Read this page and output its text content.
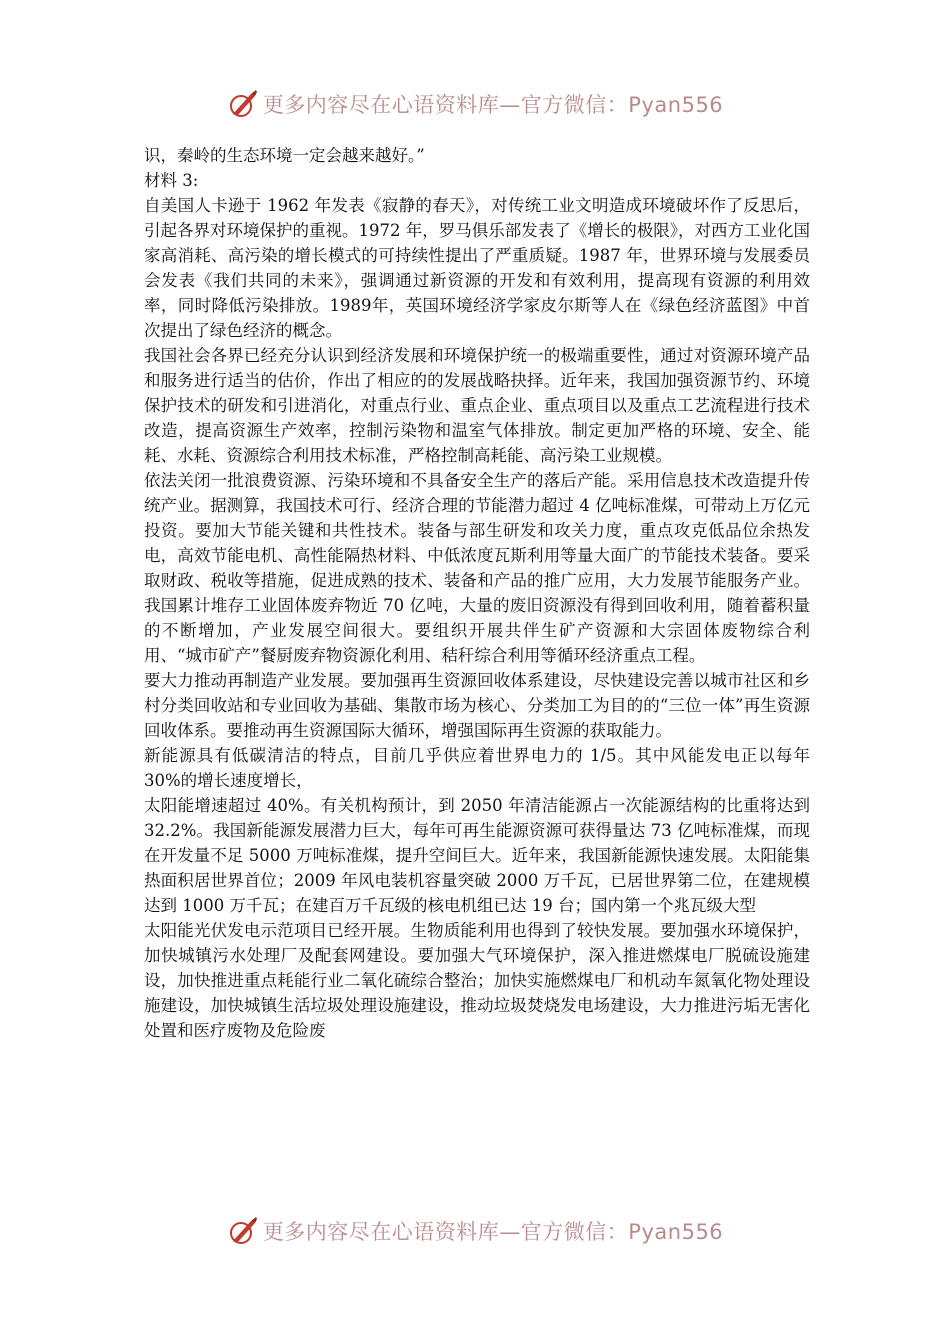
更多内容尽在心语资料库—官方微信：Pyan556

识，秦岭的生态环境一定会越来越好。”

材料 3:

自美国人卡逊于 1962 年发表《寂静的春天》，对传统工业文明造成环境破坏作了反思后，引起各界对环境保护的重视。1972 年，罗马俱乐部发表了《增长的极限》，对西方工业化国家高消耗、高污染的增长模式的可持续性提出了严重质疑。1987 年，世界环境与发展委员会发表《我们共同的未来》，强调通过新资源的开发和有效利用，提高现有资源的利用效率，同时降低污染排放。1989年，英国环境经济学家皮尔斯等人在《绿色经济蓝图》中首次提出了绿色经济的概念。

我国社会各界已经充分认识到经济发展和环境保护统一的极端重要性，通过对资源环境产品和服务进行适当的估价，作出了相应的的发展战略抉择。近年来，我国加强资源节约、环境保护技术的研发和引进消化，对重点行业、重点企业、重点项目以及重点工艺流程进行技术改造，提高资源生产效率，控制污染物和温室气体排放。制定更加严格的环境、安全、能耗、水耗、资源综合利用技术标准，严格控制高耗能、高污染工业规模。

依法关闭一批浪费资源、污染环境和不具备安全生产的落后产能。采用信息技术改造提升传统产业。据测算，我国技术可行、经济合理的节能潜力超过 4 亿吨标准煤，可带动上万亿元投资。要加大节能关键和共性技术。装备与部生研发和攻关力度，重点攻克低品位余热发电，高效节能电机、高性能隔热材料、中低浓度瓦斯利用等量大面广的节能技术装备。要采取财政、税收等措施，促进成熟的技术、装备和产品的推广应用，大力发展节能服务产业。我国累计堆存工业固体废弃物近 70 亿吨，大量的废旧资源没有得到回收利用，随着蓄积量的不断增加，产业发展空间很大。要组织开展共伴生矿产资源和大宗固体废物综合利用、“城市矿产”餐厨废弃物资源化利用、秸秆综合利用等循环经济重点工程。

要大力推动再制造产业发展。要加强再生资源回收体系建设，尽快建设完善以城市社区和乡村分类回收站和专业回收为基础、集散市场为核心、分类加工为目的的“三位一体”再生资源回收体系。要推动再生资源国际大循环，增强国际再生资源的获取能力。

新能源具有低碳清洁的特点，目前几乎供应着世界电力的 1/5。其中风能发电正以每年 30%的增长速度增长，

太阳能增速超过 40%。有关机构预计，到 2050 年清洁能源占一次能源结构的比重将达到 32.2%。我国新能源发展潜力巨大，每年可再生能源资源可获得量达 73 亿吨标准煤，而现在开发量不足 5000 万吨标准煤，提升空间巨大。近年来，我国新能源快速发展。太阳能集热面积居世界首位；2009 年风电装机容量突破 2000 万千瓦，已居世界第二位，在建规模达到 1000 万千瓦；在建百万千瓦级的核电机组已达 19 台；国内第一个兆瓦级大型

太阳能光伏发电示范项目已经开展。生物质能利用也得到了较快发展。要加强水环境保护，加快城镇污水处理厂及配套网建设。要加强大气环境保护，深入推进燃煤电厂脱硫设施建设，加快推进重点耗能行业二氧化硫综合整治；加快实施燃煤电厂和机动车氮氧化物处理设施建设，加快城镇生活垃圾处理设施建设，推动垃圾焚烧发电场建设，大力推进污垢无害化处置和医疗废物及危险废

更多内容尽在心语资料库—官方微信：Pyan556
